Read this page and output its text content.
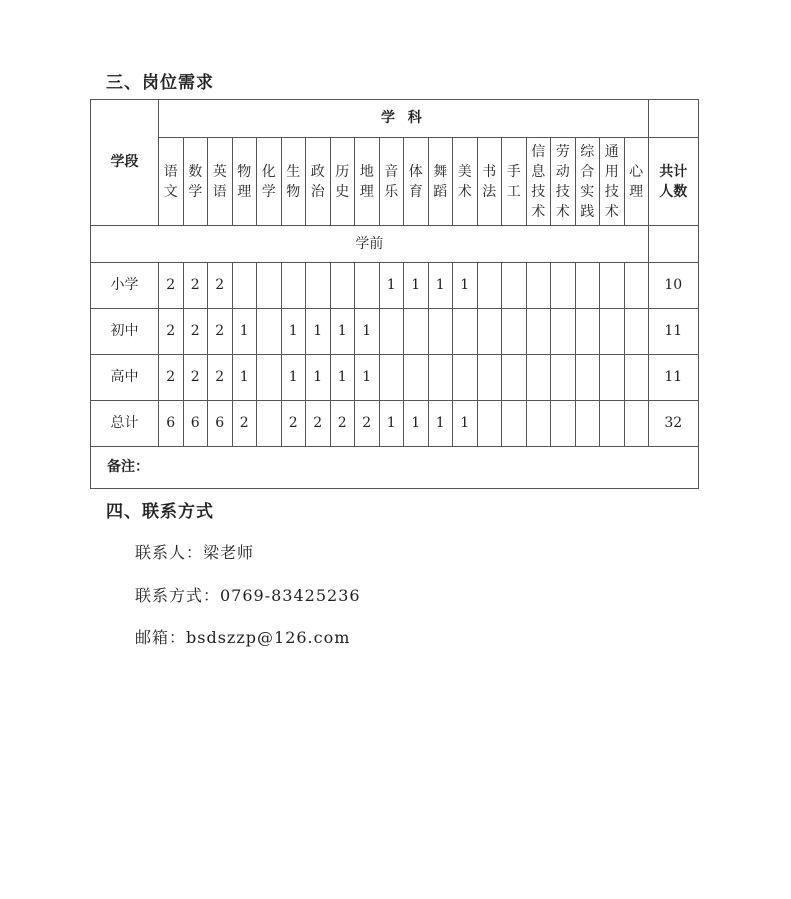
三、岗位需求
学段	学 科																				
	语文	数学	英语	物理	化学	生物	政治	历史	地理	音乐	体育	舞蹈	美术	书法	手工	信息技术	劳动技术	综合实践	通用技术	心理	共计人数
学前																					
小学	2	2	2							1	1	1	1								10
初中	2	2	2	1		1	1	1	1												11
高中	2	2	2	1		1	1	1	1												11
总计	6	6	6	2		2	2	2	2	1	1	1	1								32
备注：																					
四、联系方式
联系人：梁老师
联系方式：0769-83425236
邮箱：bsdszzp@126.com
